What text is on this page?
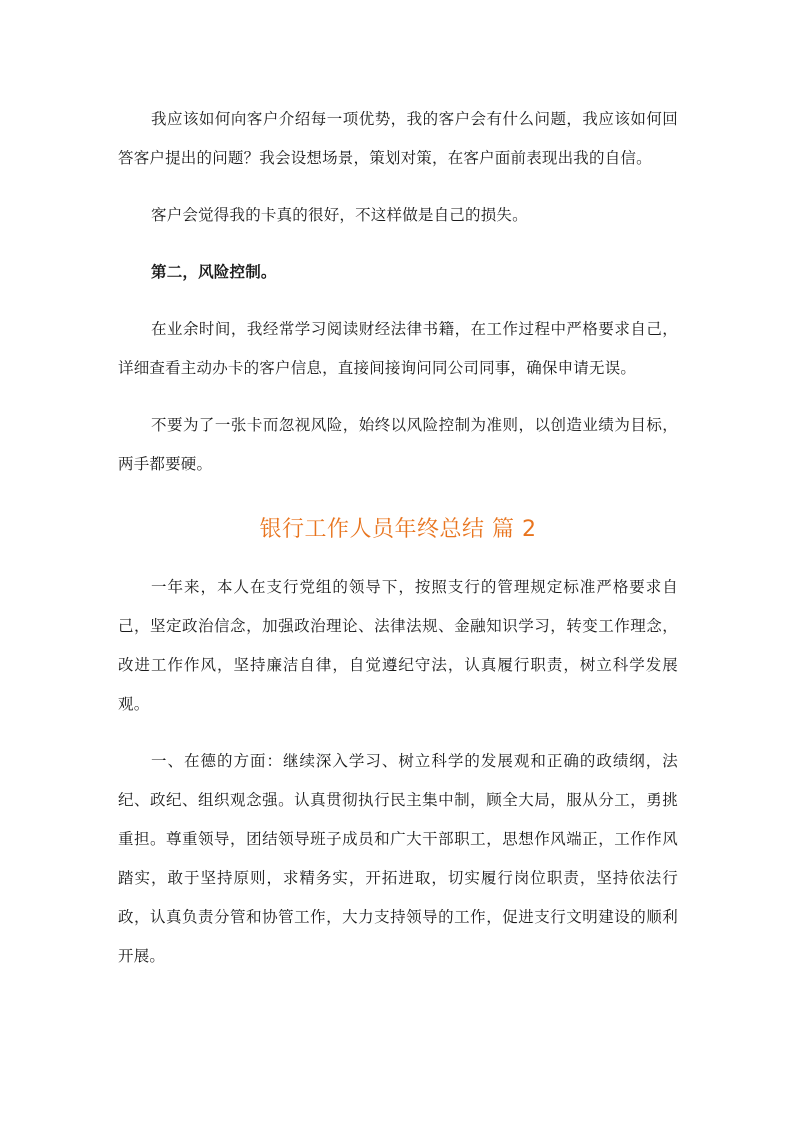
我应该如何向客户介绍每一项优势，我的客户会有什么问题，我应该如何回答客户提出的问题？我会设想场景，策划对策，在客户面前表现出我的自信。

客户会觉得我的卡真的很好，不这样做是自己的损失。

第二，风险控制。

在业余时间，我经常学习阅读财经法律书籍，在工作过程中严格要求自己，详细查看主动办卡的客户信息，直接间接询问同公司同事，确保申请无误。

不要为了一张卡而忽视风险，始终以风险控制为准则，以创造业绩为目标，两手都要硬。

银行工作人员年终总结 篇 2

一年来，本人在支行党组的领导下，按照支行的管理规定标准严格要求自己，坚定政治信念，加强政治理论、法律法规、金融知识学习，转变工作理念，改进工作作风，坚持廉洁自律，自觉遵纪守法，认真履行职责，树立科学发展观。

一、在德的方面：继续深入学习、树立科学的发展观和正确的政绩纲，法纪、政纪、组织观念强。认真贯彻执行民主集中制，顾全大局，服从分工，勇挑重担。尊重领导，团结领导班子成员和广大干部职工，思想作风端正，工作作风踏实，敢于坚持原则，求精务实，开拓进取，切实履行岗位职责，坚持依法行政，认真负责分管和协管工作，大力支持领导的工作，促进支行文明建设的顺利开展。
